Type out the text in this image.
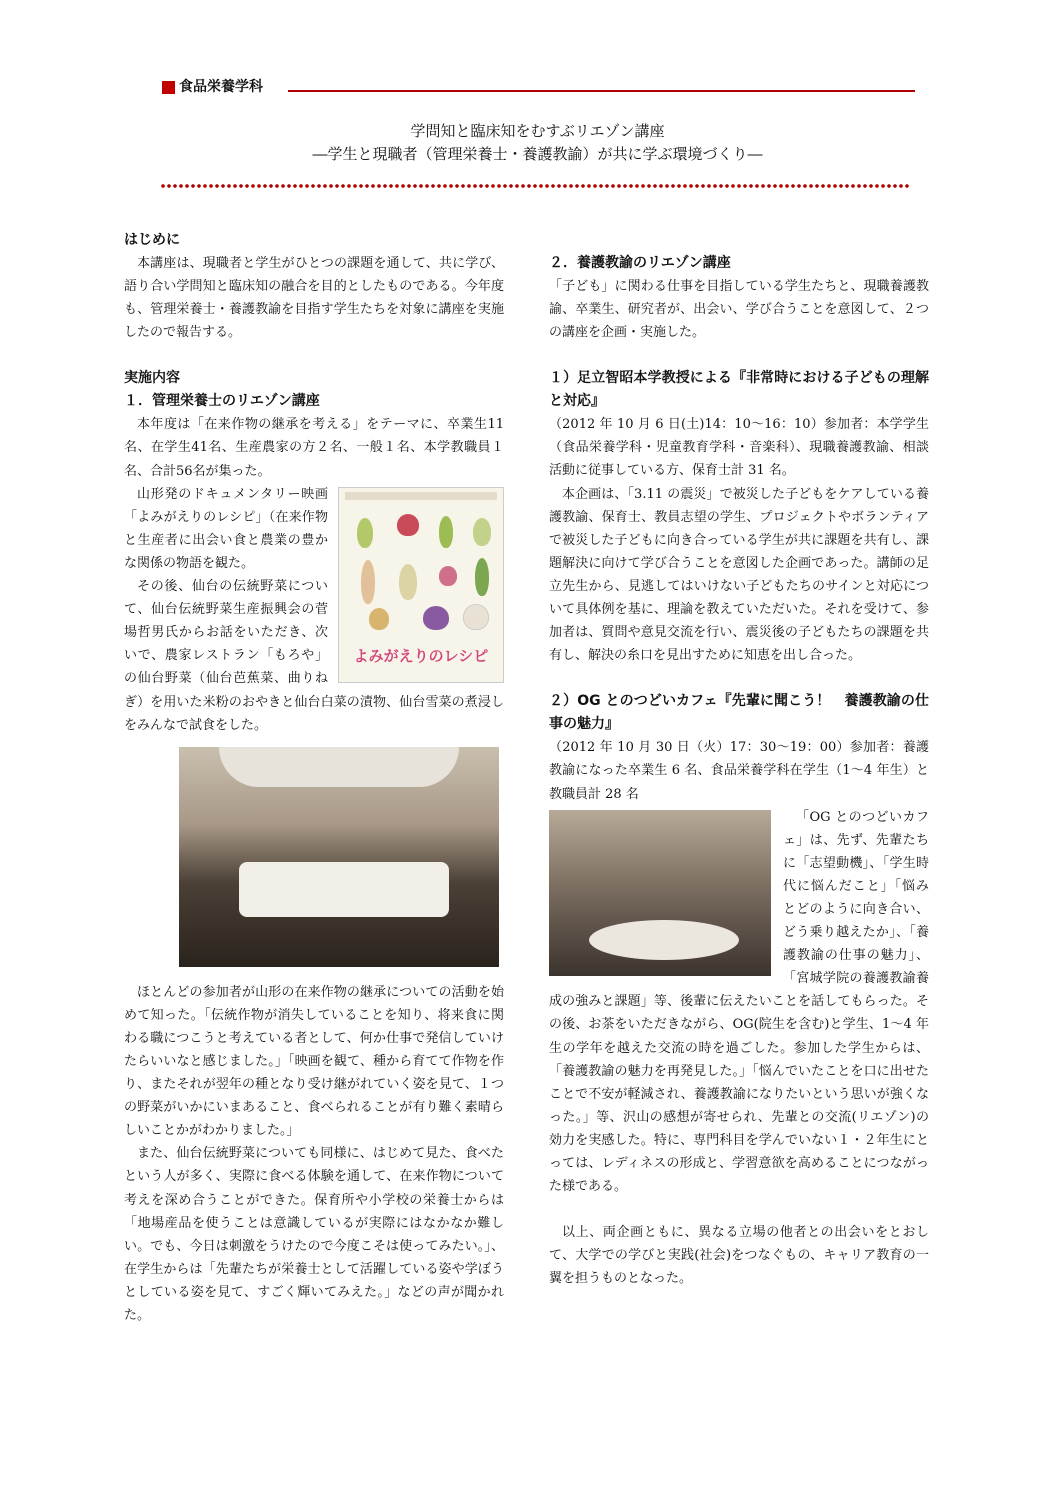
食品栄養学科
学問知と臨床知をむすぶリエゾン講座
―学生と現職者（管理栄養士・養護教諭）が共に学ぶ環境づくり―

はじめに

本講座は、現職者と学生がひとつの課題を通して、共に学び、語り合い学問知と臨床知の融合を目的としたものである。今年度も、管理栄養士・養護教諭を目指す学生たちを対象に講座を実施したので報告する。

実施内容

１．管理栄養士のリエゾン講座

本年度は「在来作物の継承を考える」をテーマに、卒業生11名、在学生41名、生産農家の方２名、一般１名、本学教職員１名、合計56名が集った。

よみがえりのレシピ

山形発のドキュメンタリー映画「よみがえりのレシピ」（在来作物と生産者に出会い食と農業の豊かな関係の物語を観た。

その後、仙台の伝統野菜について、仙台伝統野菜生産振興会の菅場哲男氏からお話をいただき、次いで、農家レストラン「もろや」の仙台野菜（仙台芭蕉菜、曲りねぎ）を用いた米粉のおやきと仙台白菜の漬物、仙台雪菜の煮浸しをみんなで試食をした。

ほとんどの参加者が山形の在来作物の継承についての活動を始めて知った。「伝統作物が消失していることを知り、将来食に関わる職につこうと考えている者として、何か仕事で発信していけたらいいなと感じました。」「映画を観て、種から育てて作物を作り、またそれが翌年の種となり受け継がれていく姿を見て、１つの野菜がいかにいまあること、食べられることが有り難く素晴らしいことかがわかりました。」

また、仙台伝統野菜についても同様に、はじめて見た、食べたという人が多く、実際に食べる体験を通して、在来作物について考えを深め合うことができた。保育所や小学校の栄養士からは「地場産品を使うことは意識しているが実際にはなかなか難しい。でも、今日は刺激をうけたので今度こそは使ってみたい。」、在学生からは「先輩たちが栄養士として活躍している姿や学ぼうとしている姿を見て、すごく輝いてみえた。」などの声が聞かれた。

２．養護教諭のリエゾン講座

「子ども」に関わる仕事を目指している学生たちと、現職養護教諭、卒業生、研究者が、出会い、学び合うことを意図して、２つの講座を企画・実施した。

１）足立智昭本学教授による『非常時における子どもの理解と対応』

（2012 年 10 月 6 日(土)14：10～16：10）参加者：本学学生（食品栄養学科・児童教育学科・音楽科）、現職養護教諭、相談活動に従事している方、保育士計 31 名。

本企画は、「3.11 の震災」で被災した子どもをケアしている養護教諭、保育士、教員志望の学生、プロジェクトやボランティアで被災した子どもに向き合っている学生が共に課題を共有し、課題解決に向けて学び合うことを意図した企画であった。講師の足立先生から、見逃してはいけない子どもたちのサインと対応について具体例を基に、理論を教えていただいた。それを受けて、参加者は、質問や意見交流を行い、震災後の子どもたちの課題を共有し、解決の糸口を見出すために知恵を出し合った。

２）OG とのつどいカフェ『先輩に聞こう！　養護教諭の仕事の魅力』

（2012 年 10 月 30 日（火）17：30～19：00）参加者：養護教諭になった卒業生 6 名、食品栄養学科在学生（1～4 年生）と教職員計 28 名

「OG とのつどいカフェ」は、先ず、先輩たちに「志望動機」、「学生時代に悩んだこと」「悩みとどのように向き合い、どう乗り越えたか」、「養護教諭の仕事の魅力」、「宮城学院の養護教諭養成の強みと課題」等、後輩に伝えたいことを話してもらった。その後、お茶をいただきながら、OG(院生を含む)と学生、1～4 年生の学年を越えた交流の時を過ごした。参加した学生からは、「養護教諭の魅力を再発見した。」「悩んでいたことを口に出せたことで不安が軽減され、養護教諭になりたいという思いが強くなった。」等、沢山の感想が寄せられ、先輩との交流(リエゾン)の効力を実感した。特に、専門科目を学んでいない１・２年生にとっては、レディネスの形成と、学習意欲を高めることにつながった様である。

以上、両企画ともに、異なる立場の他者との出会いをとおして、大学での学びと実践(社会)をつなぐもの、キャリア教育の一翼を担うものとなった。
